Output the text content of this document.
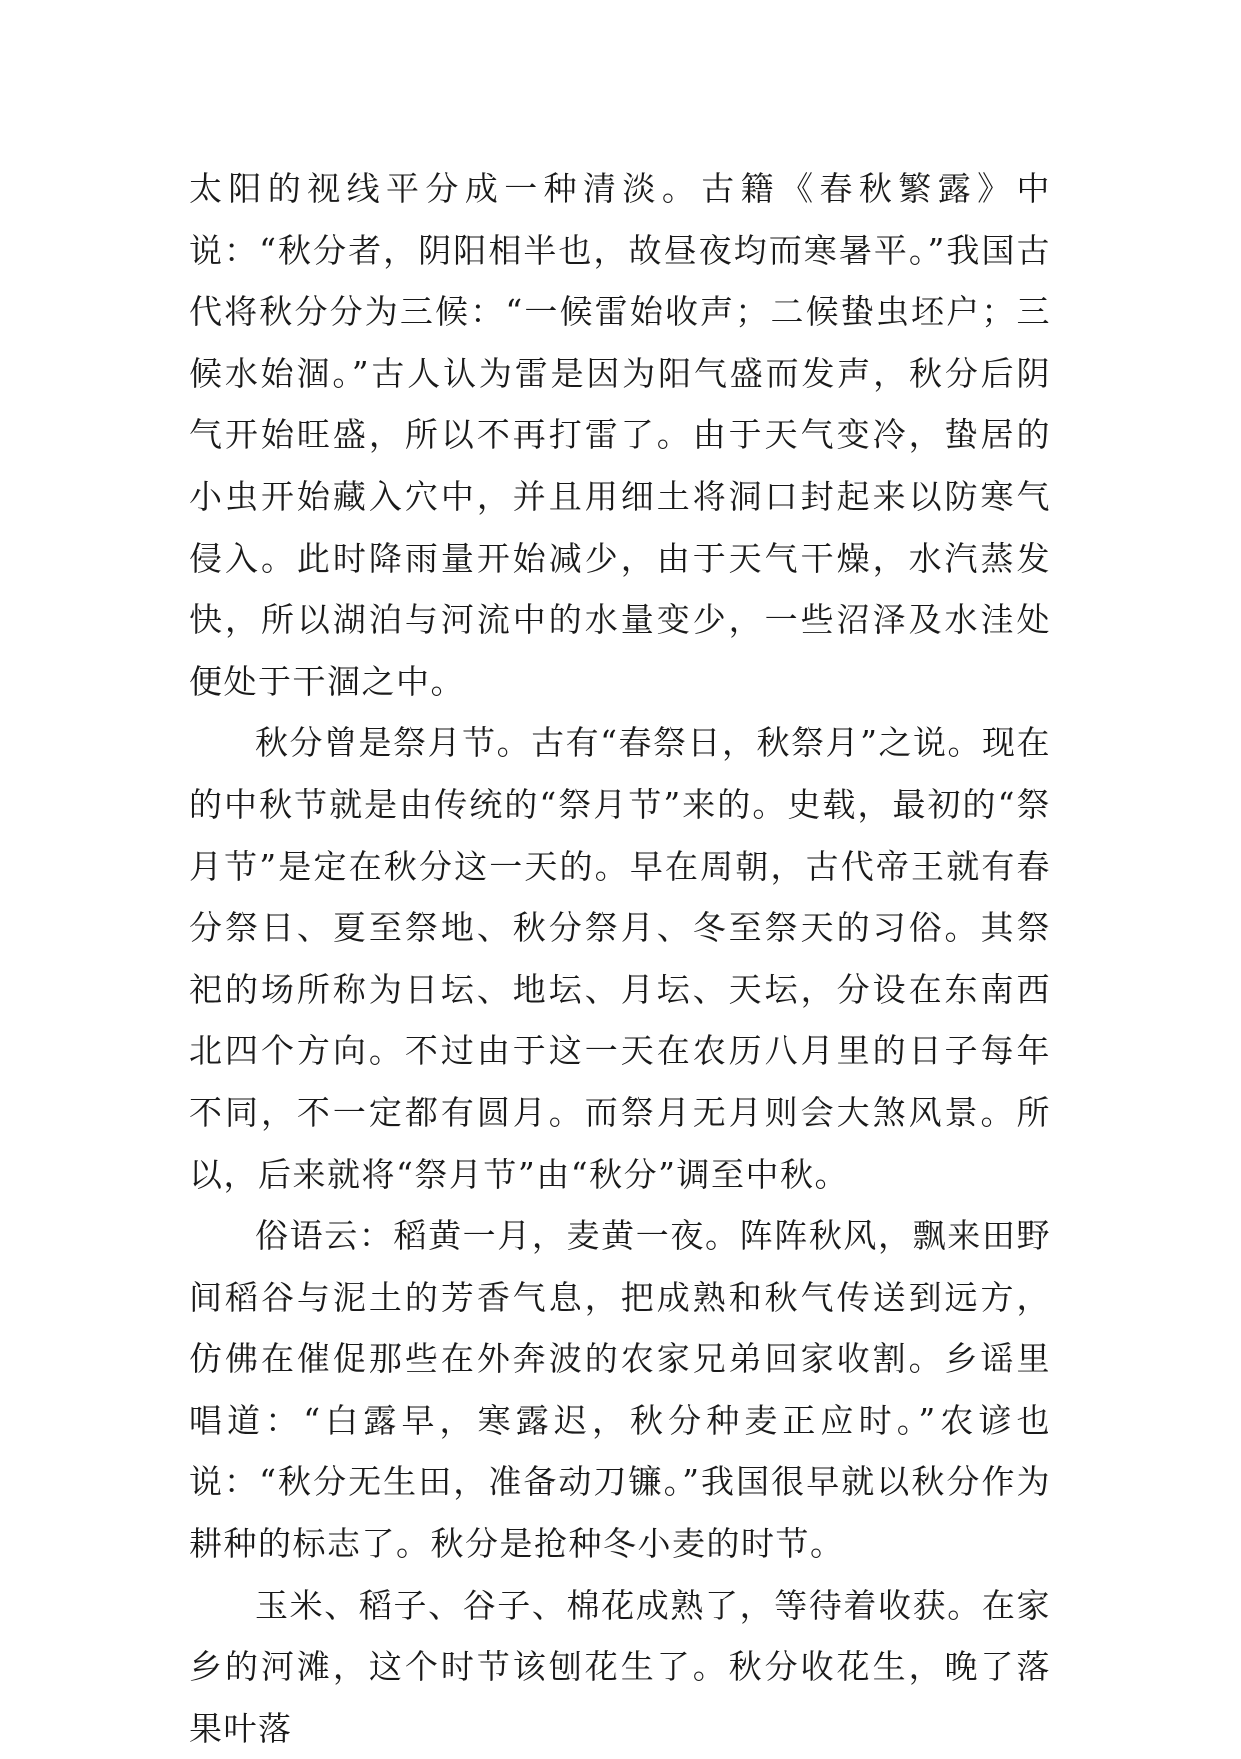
太阳的视线平分成一种清淡。古籍《春秋繁露》中说：“秋分者，阴阳相半也，故昼夜均而寒暑平。”我国古代将秋分分为三候：“一候雷始收声；二候蛰虫坯户；三候水始涸。”古人认为雷是因为阳气盛而发声，秋分后阴气开始旺盛，所以不再打雷了。由于天气变冷，蛰居的小虫开始藏入穴中，并且用细土将洞口封起来以防寒气侵入。此时降雨量开始减少，由于天气干燥，水汽蒸发快，所以湖泊与河流中的水量变少，一些沼泽及水洼处便处于干涸之中。

秋分曾是祭月节。古有“春祭日，秋祭月”之说。现在的中秋节就是由传统的“祭月节”来的。史载，最初的“祭月节”是定在秋分这一天的。早在周朝，古代帝王就有春分祭日、夏至祭地、秋分祭月、冬至祭天的习俗。其祭祀的场所称为日坛、地坛、月坛、天坛，分设在东南西北四个方向。不过由于这一天在农历八月里的日子每年不同，不一定都有圆月。而祭月无月则会大煞风景。所以，后来就将“祭月节”由“秋分”调至中秋。

俗语云：稻黄一月，麦黄一夜。阵阵秋风，飘来田野间稻谷与泥土的芳香气息，把成熟和秋气传送到远方，仿佛在催促那些在外奔波的农家兄弟回家收割。乡谣里唱道：“白露早，寒露迟，秋分种麦正应时。”农谚也说：“秋分无生田，准备动刀镰。”我国很早就以秋分作为耕种的标志了。秋分是抢种冬小麦的时节。

玉米、稻子、谷子、棉花成熟了，等待着收获。在家乡的河滩，这个时节该刨花生了。秋分收花生，晚了落果叶落
